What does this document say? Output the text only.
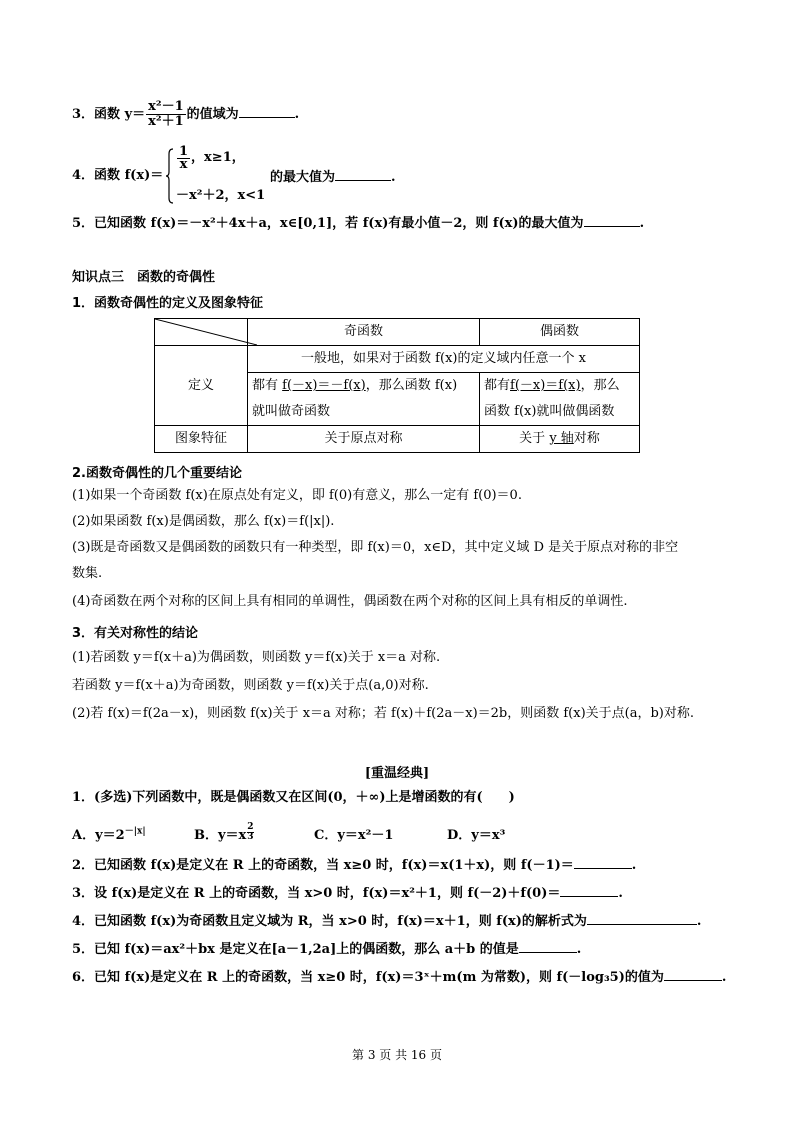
3．函数 $y= \frac{\text{x²－1}}{\text{x²＋1}}$ 的值域为	.
4．函数 f(x)＝
$\frac{1}{x}$ ，x≥1，
－x²＋2，x<1
的最大值为	.
5．已知函数 f(x)＝－x²＋4x＋a，x∈[0,1]，若 f(x)有最小值－2，则 f(x)的最大值为	.
知识点三　函数的奇偶性
1．函数奇偶性的定义及图象特征
	奇函数	偶函数
定义	一般地，如果对于函数 f(x)的定义域内任意一个 x	
	都有 f(－x)＝－f(x)，那么函数 f(x)
就叫做奇函数	都有f(－x)＝f(x)，那么
函数 f(x)就叫做偶函数
图象特征	关于原点对称	关于 y 轴对称
2.函数奇偶性的几个重要结论
(1)如果一个奇函数 f(x)在原点处有定义，即 f(0)有意义，那么一定有 f(0)＝0.
(2)如果函数 f(x)是偶函数，那么 f(x)＝f(|x|).
(3)既是奇函数又是偶函数的函数只有一种类型，即 f(x)＝0，x∈D，其中定义域 D 是关于原点对称的非空
数集.
(4)奇函数在两个对称的区间上具有相同的单调性，偶函数在两个对称的区间上具有相反的单调性.
3．有关对称性的结论
(1)若函数 y＝f(x＋a)为偶函数，则函数 y＝f(x)关于 x＝a 对称.
若函数 y＝f(x＋a)为奇函数，则函数 y＝f(x)关于点(a,0)对称.
(2)若 f(x)＝f(2a－x)，则函数 f(x)关于 x＝a 对称；若 f(x)＋f(2a－x)＝2b，则函数 f(x)关于点(a，b)对称.
[重温经典]
1．(多选)下列函数中，既是偶函数又在区间(0，＋∞)上是增函数的有(　　)
A．$y=2^{-|x|}$	B．y＝x
2
3	C．y＝x²－1	D．y＝x³
2．已知函数 f(x)是定义在 R 上的奇函数，当 x≥0 时，f(x)＝x(1＋x)，则 f(－1)＝	.
3．设 f(x)是定义在 R 上的奇函数，当 x>0 时，f(x)＝x²＋1，则 f(－2)＋f(0)＝	.
4．已知函数 f(x)为奇函数且定义域为 R，当 x>0 时，f(x)＝x＋1，则 f(x)的解析式为	.
5．已知 f(x)＝ax²＋bx 是定义在[a－1,2a]上的偶函数，那么 a＋b 的值是	.
6．已知 f(x)是定义在 R 上的奇函数，当 x≥0 时，f(x)＝3ˣ＋m(m 为常数)，则 f(－log₃5)的值为	.
第 3 页 共 16 页
